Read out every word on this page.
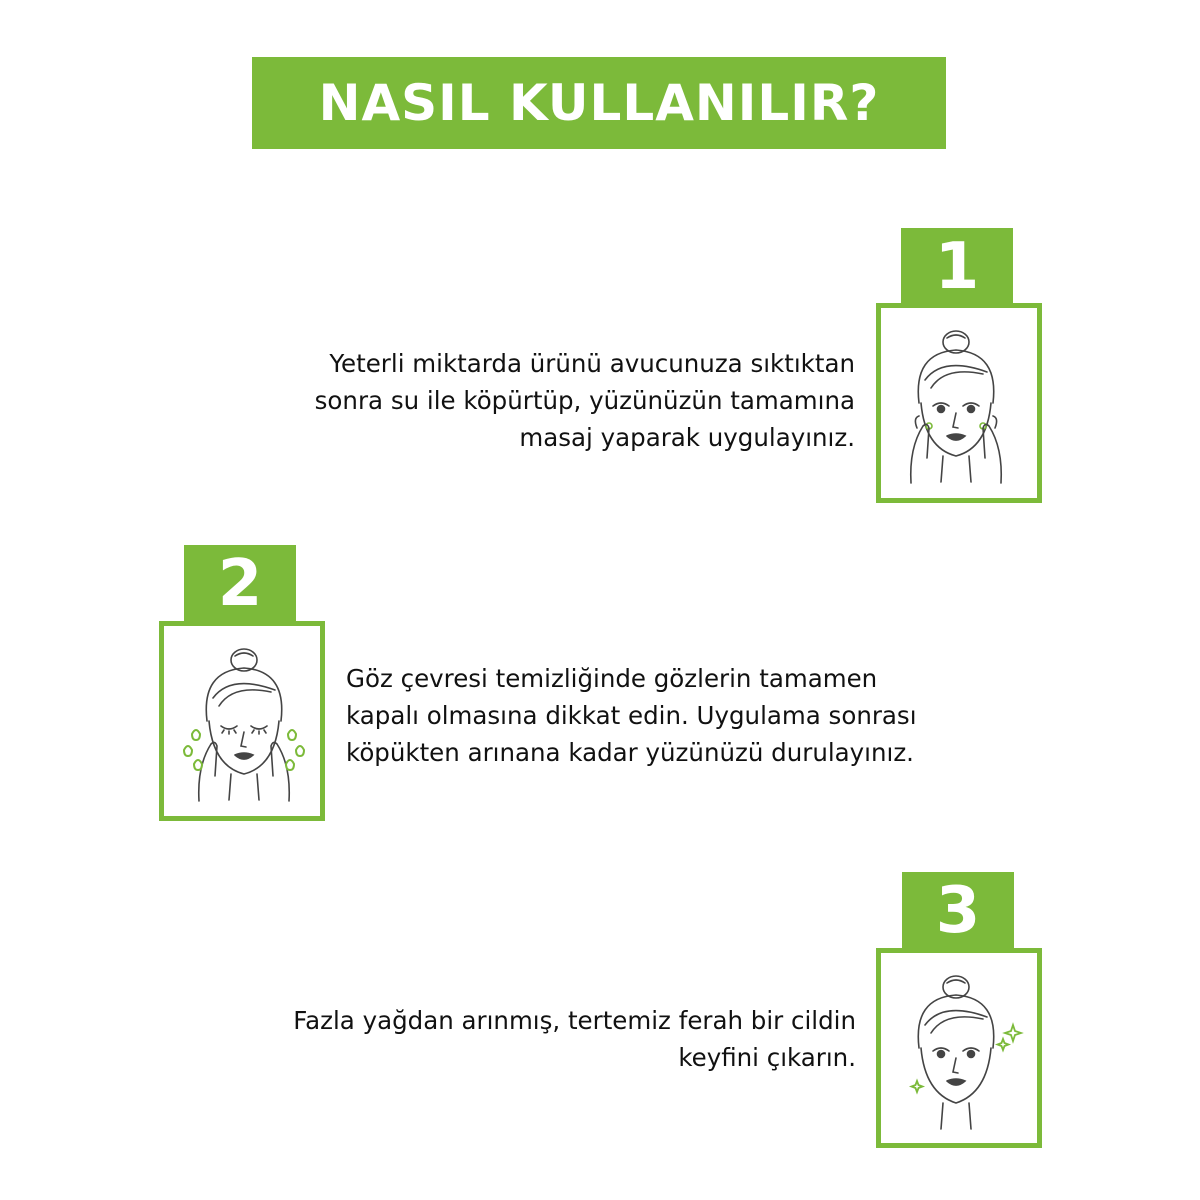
NASIL KULLANILIR?
1
Yeterli miktarda ürünü avucunuza sıktıktan
sonra su ile köpürtüp, yüzünüzün tamamına
masaj yaparak uygulayınız.
2
Göz çevresi temizliğinde gözlerin tamamen
kapalı olmasına dikkat edin. Uygulama sonrası
köpükten arınana kadar yüzünüzü durulayınız.
3
Fazla yağdan arınmış, tertemiz ferah bir cildin
keyfini çıkarın.
